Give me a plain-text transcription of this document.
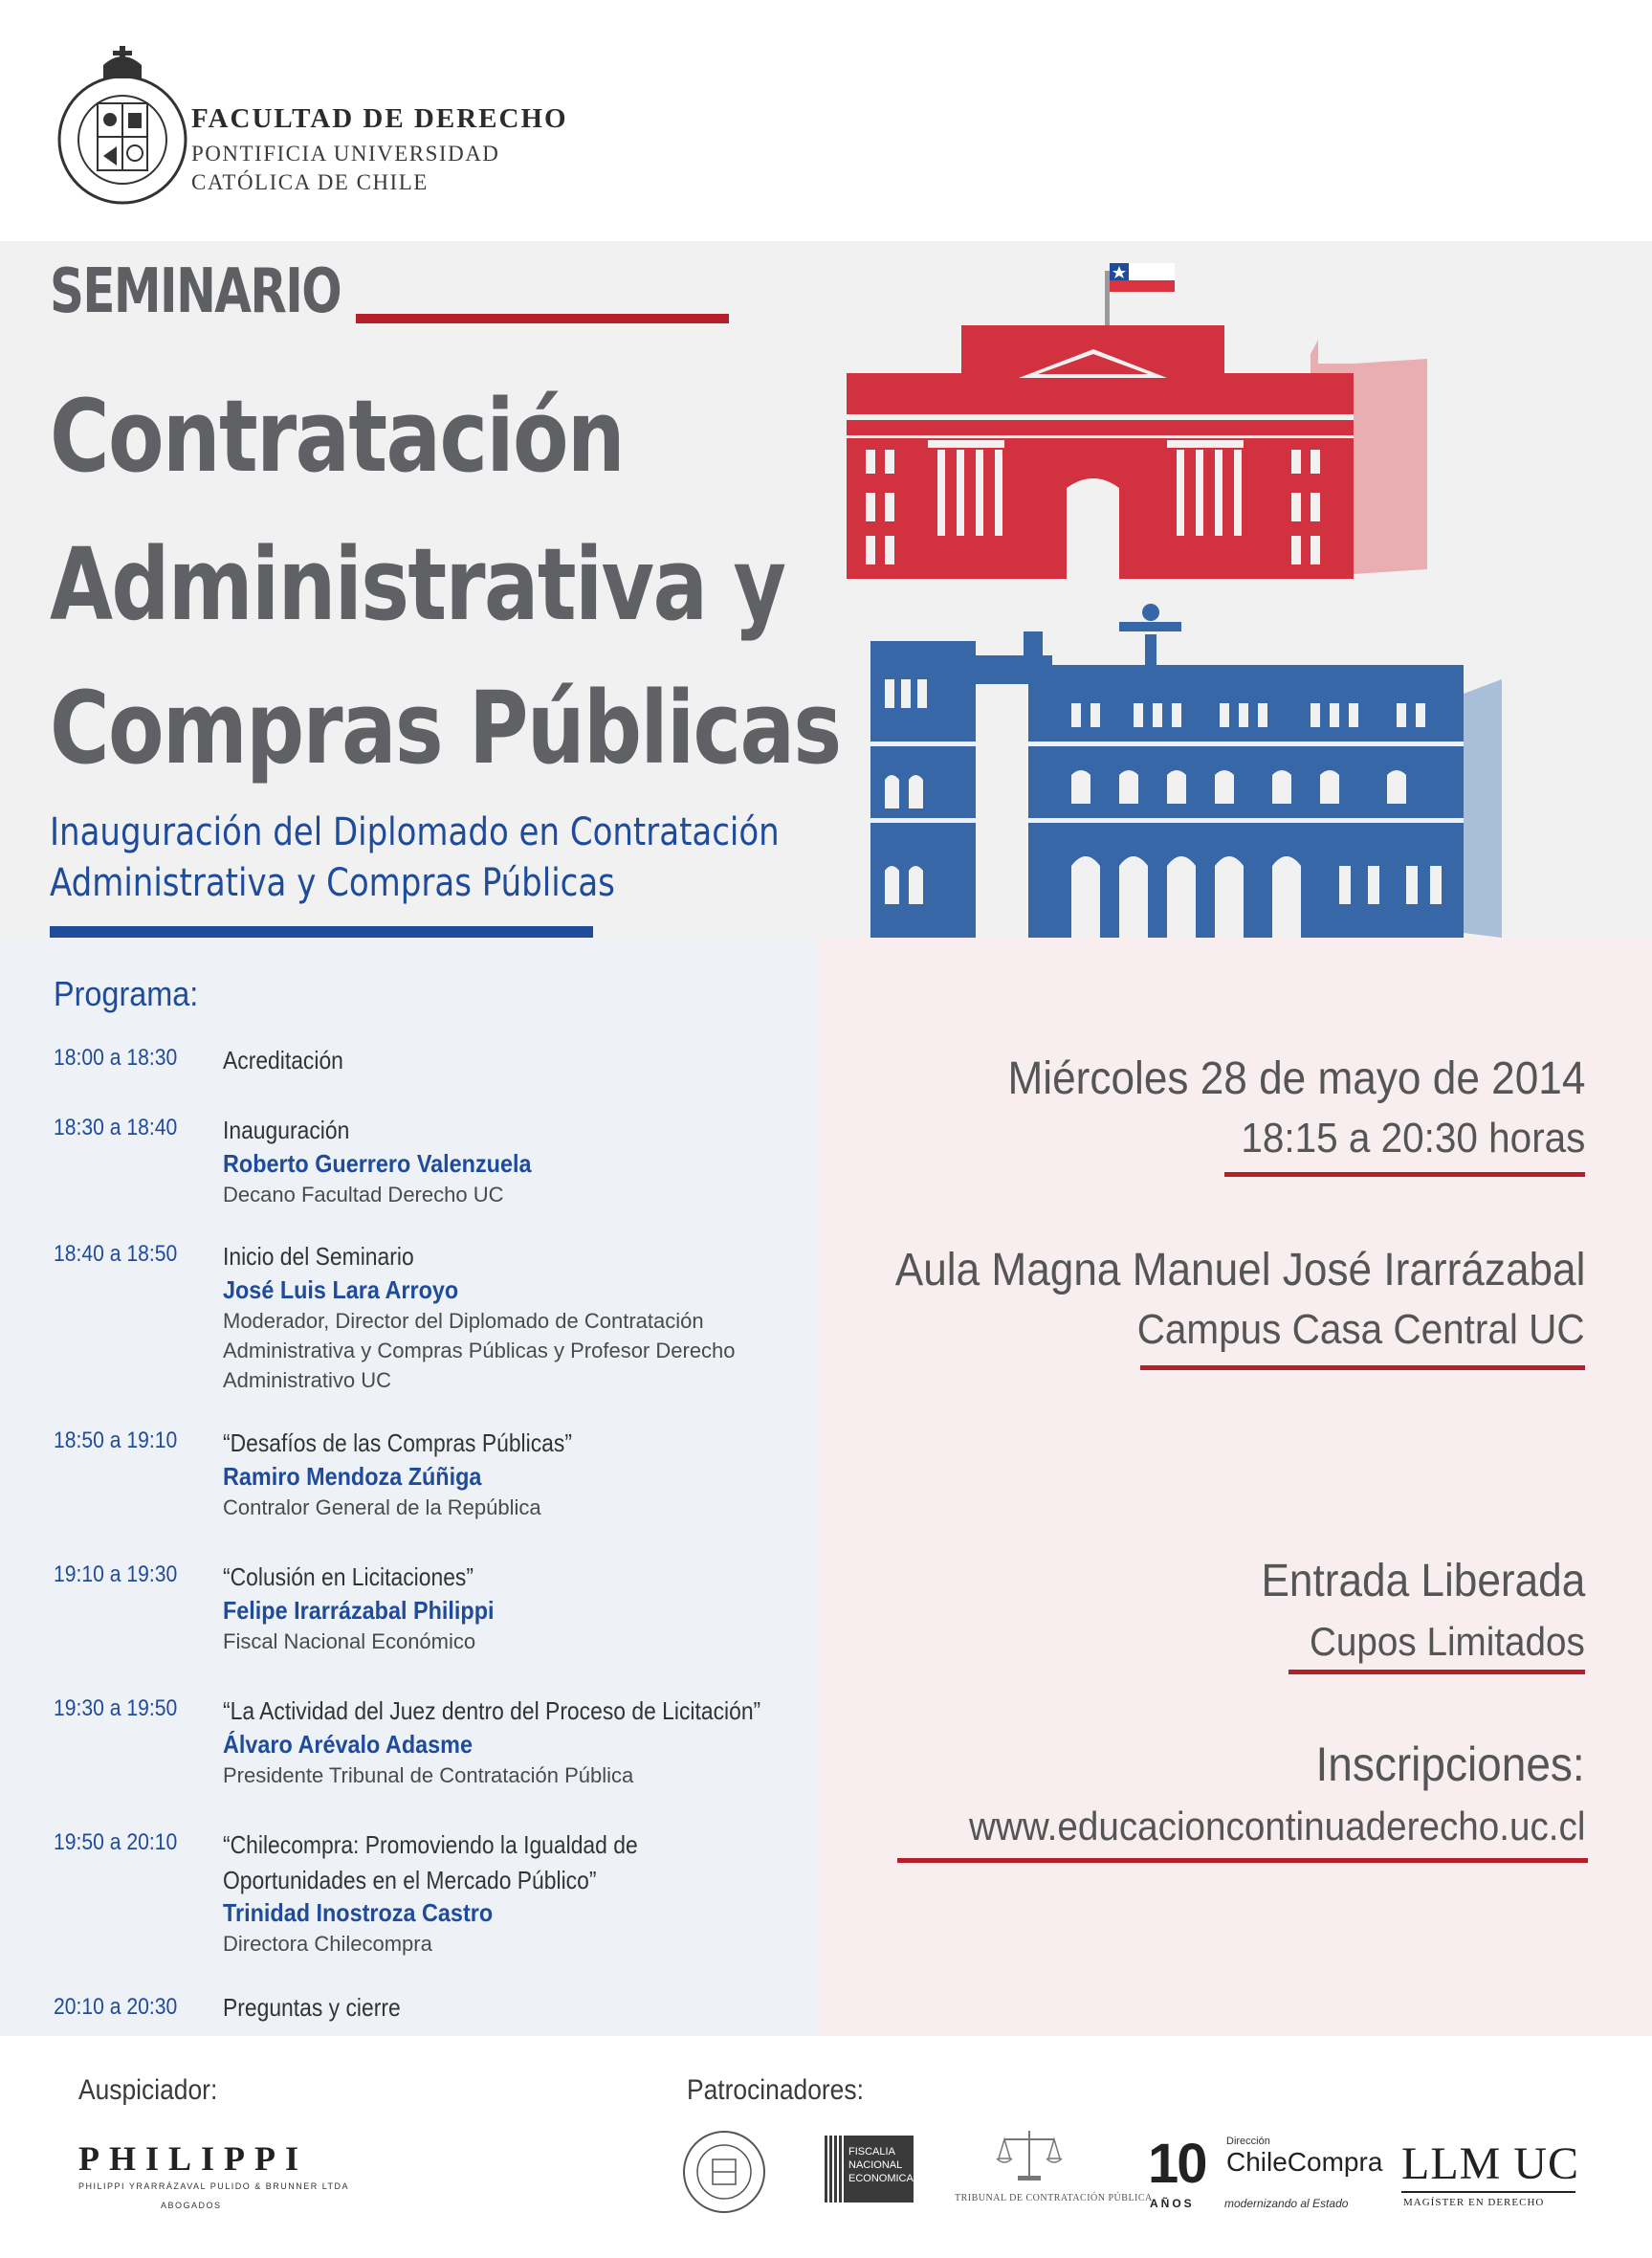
FACULTAD DE DERECHO
PONTIFICIA UNIVERSIDAD
CATÓLICA DE CHILE
SEMINARIO
Contratación
Administrativa y
Compras Públicas
Inauguración del Diplomado en Contratación
Administrativa y Compras Públicas
Programa:
18:00 a 18:30 Acreditación
18:30 a 18:40 Inauguración
Roberto Guerrero Valenzuela
Decano Facultad Derecho UC
18:40 a 18:50 Inicio del Seminario
José Luis Lara Arroyo
Moderador, Director del Diplomado de Contratación
Administrativa y Compras Públicas y Profesor Derecho
Administrativo UC
18:50 a 19:10 “Desafíos de las Compras Públicas”
Ramiro Mendoza Zúñiga
Contralor General de la República
19:10 a 19:30 “Colusión en Licitaciones”
Felipe Irarrázabal Philippi
Fiscal Nacional Económico
19:30 a 19:50 “La Actividad del Juez dentro del Proceso de Licitación”
Álvaro Arévalo Adasme
Presidente Tribunal de Contratación Pública
19:50 a 20:10 “Chilecompra: Promoviendo la Igualdad de
Oportunidades en el Mercado Público”
Trinidad Inostroza Castro
Directora Chilecompra
20:10 a 20:30 Preguntas y cierre
Miércoles 28 de mayo de 2014
18:15 a 20:30 horas
Aula Magna Manuel José Irarrázabal
Campus Casa Central UC
Entrada Liberada
Cupos Limitados
Inscripciones:
www.educacioncontinuaderecho.uc.cl
Auspiciador:	Patrocinadores:
PHILIPPI
PHILIPPI YRARRÁZAVAL PULIDO & BRUNNER LTDA
ABOGADOS
FISCALIA
NACIONAL
ECONOMICA
TRIBUNAL DE CONTRATACIÓN PÚBLICA
10 Dirección
ChileCompra
AÑOS	modernizando al Estado
LLM UC
MAGÍSTER EN DERECHO
